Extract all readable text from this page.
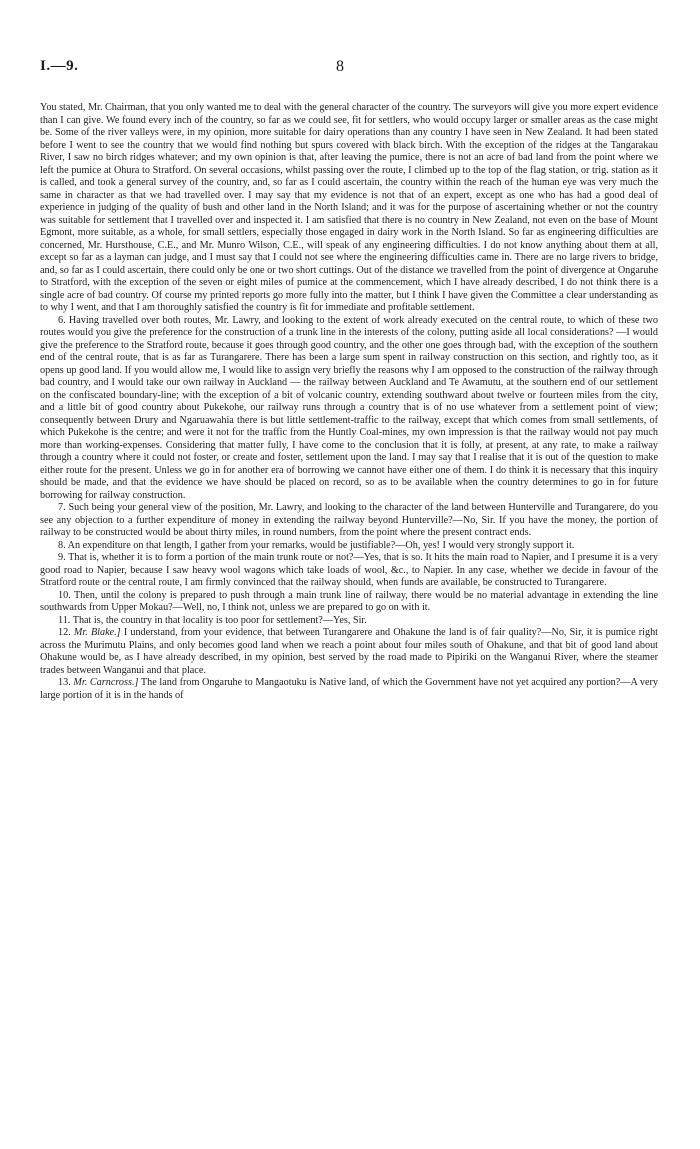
I.—9.	8

You stated, Mr. Chairman, that you only wanted me to deal with the general character of the country. The surveyors will give you more expert evidence than I can give. We found every inch of the country, so far as we could see, fit for settlers, who would occupy larger or smaller areas as the case might be. Some of the river valleys were, in my opinion, more suitable for dairy operations than any country I have seen in New Zealand. It had been stated before I went to see the country that we would find nothing but spurs covered with black birch. With the exception of the ridges at the Tangarakau River, I saw no birch ridges whatever; and my own opinion is that, after leaving the pumice, there is not an acre of bad land from the point where we left the pumice at Ohura to Stratford. On several occasions, whilst passing over the route, I climbed up to the top of the flag station, or trig. station as it is called, and took a general survey of the country, and, so far as I could ascertain, the country within the reach of the human eye was very much the same in character as that we had travelled over. I may say that my evidence is not that of an expert, except as one who has had a good deal of experience in judging of the quality of bush and other land in the North Island; and it was for the purpose of ascertaining whether or not the country was suitable for settlement that I travelled over and inspected it. I am satisfied that there is no country in New Zealand, not even on the base of Mount Egmont, more suitable, as a whole, for small settlers, especially those engaged in dairy work in the North Island. So far as engineering difficulties are concerned, Mr. Hursthouse, C.E., and Mr. Munro Wilson, C.E., will speak of any engineering difficulties. I do not know anything about them at all, except so far as a layman can judge, and I must say that I could not see where the engineering difficulties came in. There are no large rivers to bridge, and, so far as I could ascertain, there could only be one or two short cuttings. Out of the distance we travelled from the point of divergence at Ongaruhe to Stratford, with the exception of the seven or eight miles of pumice at the commencement, which I have already described, I do not think there is a single acre of bad country. Of course my printed reports go more fully into the matter, but I think I have given the Committee a clear understanding as to why I went, and that I am thoroughly satisfied the country is fit for immediate and profitable settlement.

6. Having travelled over both routes, Mr. Lawry, and looking to the extent of work already executed on the central route, to which of these two routes would you give the preference for the construction of a trunk line in the interests of the colony, putting aside all local considerations? —I would give the preference to the Stratford route, because it goes through good country, and the other one goes through bad, with the exception of the southern end of the central route, that is as far as Turangarere. There has been a large sum spent in railway construction on this section, and rightly too, as it opens up good land. If you would allow me, I would like to assign very briefly the reasons why I am opposed to the construction of the railway through bad country, and I would take our own railway in Auckland — the railway between Auckland and Te Awamutu, at the southern end of our settlement on the confiscated boundary-line; with the exception of a bit of volcanic country, extending southward about twelve or fourteen miles from the city, and a little bit of good country about Pukekohe, our railway runs through a country that is of no use whatever from a settlement point of view; consequently between Drury and Ngaruawahia there is but little settlement-traffic to the railway, except that which comes from small settlements, of which Pukekohe is the centre; and were it not for the traffic from the Huntly Coal-mines, my own impression is that the railway would not pay much more than working-expenses. Considering that matter fully, I have come to the conclusion that it is folly, at present, at any rate, to make a railway through a country where it could not foster, or create and foster, settlement upon the land. I may say that I realise that it is out of the question to make either route for the present. Unless we go in for another era of borrowing we cannot have either one of them. I do think it is necessary that this inquiry should be made, and that the evidence we have should be placed on record, so as to be available when the country determines to go in for future borrowing for railway construction.

7. Such being your general view of the position, Mr. Lawry, and looking to the character of the land between Hunterville and Turangarere, do you see any objection to a further expenditure of money in extending the railway beyond Hunterville?—No, Sir. If you have the money, the portion of railway to be constructed would be about thirty miles, in round numbers, from the point where the present contract ends.

8. An expenditure on that length, I gather from your remarks, would be justifiable?—Oh, yes! I would very strongly support it.

9. That is, whether it is to form a portion of the main trunk route or not?—Yes, that is so. It hits the main road to Napier, and I presume it is a very good road to Napier, because I saw heavy wool wagons which take loads of wool, &c., to Napier. In any case, whether we decide in favour of the Stratford route or the central route, I am firmly convinced that the railway should, when funds are available, be constructed to Turangarere.

10. Then, until the colony is prepared to push through a main trunk line of railway, there would be no material advantage in extending the line southwards from Upper Mokau?—Well, no, I think not, unless we are prepared to go on with it.

11. That is, the country in that locality is too poor for settlement?—Yes, Sir.

12. Mr. Blake.] I understand, from your evidence, that between Turangarere and Ohakune the land is of fair quality?—No, Sir, it is pumice right across the Murimutu Plains, and only becomes good land when we reach a point about four miles south of Ohakune, and that bit of good land about Ohakune would be, as I have already described, in my opinion, best served by the road made to Pipiriki on the Wanganui River, where the steamer trades between Wanganui and that place.

13. Mr. Carncross.] The land from Ongaruhe to Mangaotuku is Native land, of which the Government have not yet acquired any portion?—A very large portion of it is in the hands of
